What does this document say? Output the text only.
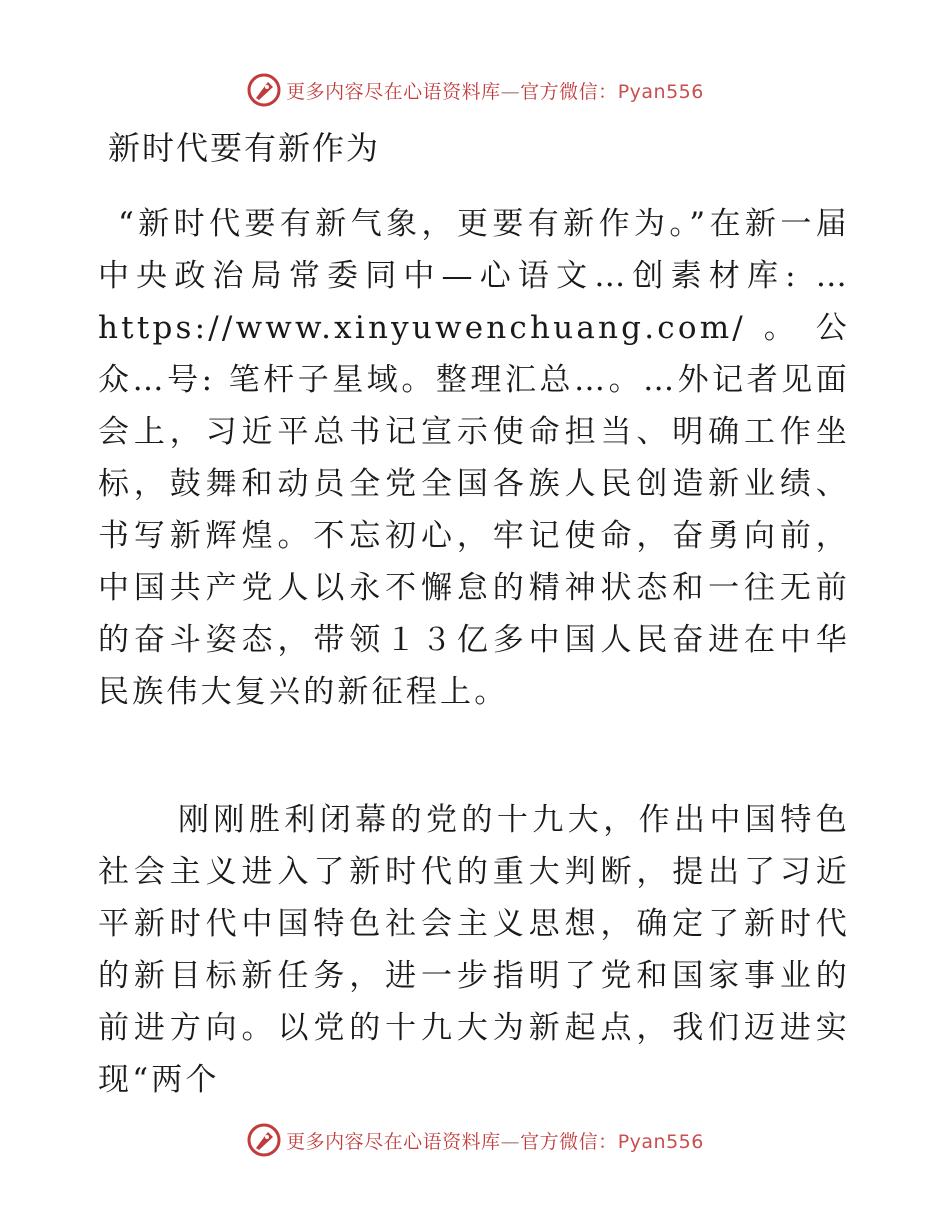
更多内容尽在心语资料库—官方微信：Pyan556
新时代要有新作为

“新时代要有新气象，更要有新作为。”在新一届中央政治局常委同中—心语文…创素材库: … https://www.xinyuwenchuang.com/。公众…号: 笔杆子星域。整理汇总…。…外记者见面会上，习近平总书记宣示使命担当、明确工作坐标，鼓舞和动员全党全国各族人民创造新业绩、书写新辉煌。不忘初心，牢记使命，奋勇向前，中国共产党人以永不懈怠的精神状态和一往无前的奋斗姿态，带领１３亿多中国人民奋进在中华民族伟大复兴的新征程上。

刚刚胜利闭幕的党的十九大，作出中国特色社会主义进入了新时代的重大判断，提出了习近平新时代中国特色社会主义思想，确定了新时代的新目标新任务，进一步指明了党和国家事业的前进方向。以党的十九大为新起点，我们迈进实现“两个

更多内容尽在心语资料库—官方微信：Pyan556
